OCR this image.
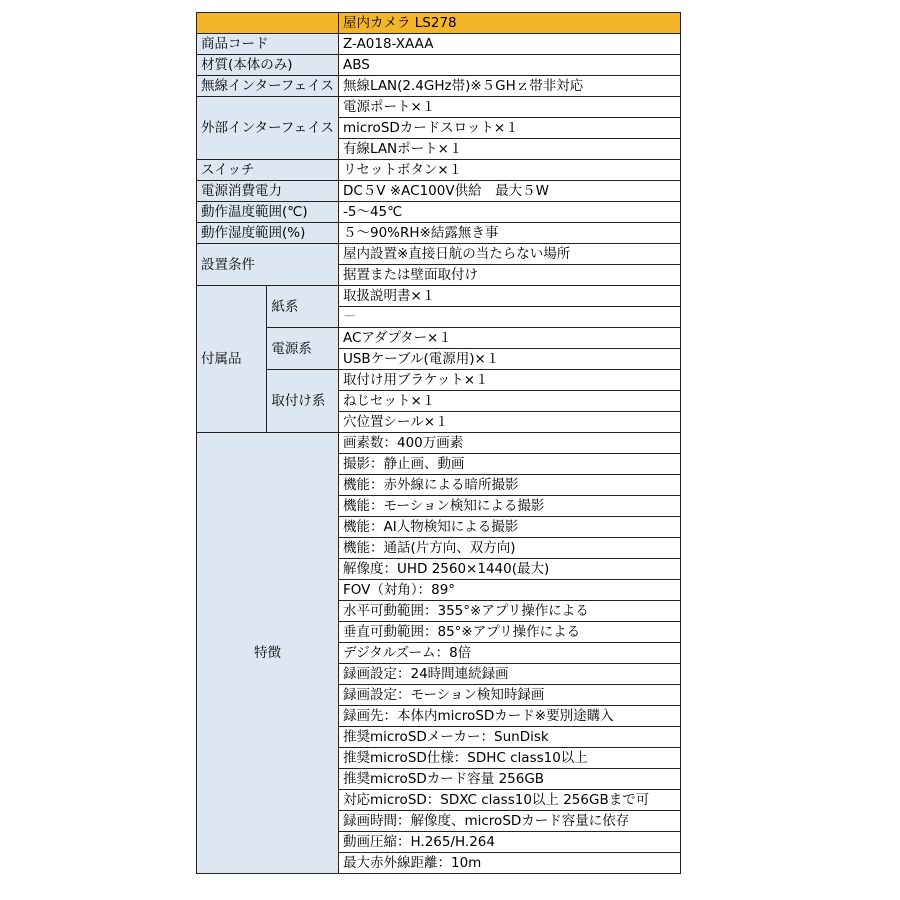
		屋内カメラ LS278
商品コード		Z-A018-XAAA
材質(本体のみ)		ABS
無線インターフェイス		無線LAN(2.4GHz帯)※５GHｚ帯非対応
外部インターフェイス		電源ポート×１
		microSDカードスロット×１
		有線LANポート×１
スイッチ		リセットボタン×１
電源消費電力		DC５V ※AC100V供給　最大５W
動作温度範囲(℃)		-5～45℃
動作湿度範囲(%)		５～90%RH※結露無き事
設置条件		屋内設置※直接日航の当たらない場所
		据置または壁面取付け
付属品	紙系	取扱説明書×１
		－
	電源系	ACアダプター×１
		USBケーブル(電源用)×１
	取付け系	取付け用ブラケット×１
		ねじセット×１
		穴位置シール×１
特徴		画素数：400万画素
		撮影：静止画、動画
		機能：赤外線による暗所撮影
		機能：モーション検知による撮影
		機能：AI人物検知による撮影
		機能：通話(片方向、双方向)
		解像度：UHD 2560×1440(最大)
		FOV（対角）：89°
		水平可動範囲：355°※アプリ操作による
		垂直可動範囲：85°※アプリ操作による
		デジタルズーム：8倍
		録画設定：24時間連続録画
		録画設定：モーション検知時録画
		録画先：本体内microSDカード※要別途購入
		推奨microSDメーカー：SunDisk
		推奨microSD仕様：SDHC class10以上
		推奨microSDカード容量 256GB
		対応microSD：SDXC class10以上 256GBまで可
		録画時間：解像度、microSDカード容量に依存
		動画圧縮：H.265/H.264
		最大赤外線距離：10m
